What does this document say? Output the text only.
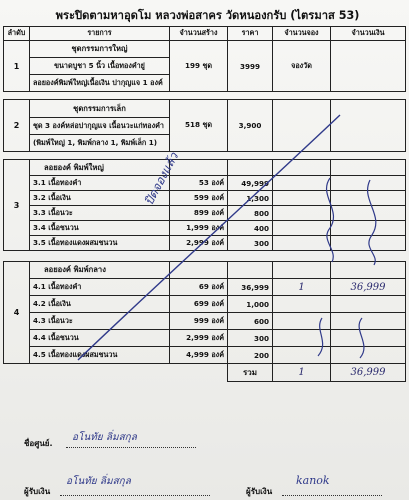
พระปิดตามหาอุดโม หลวงพ่อสาคร วัดหนองกรับ (ไตรมาส 53)
ลำดับ	รายการ	จำนวนสร้าง	ราคา	จำนวนจอง	จำนวนเงิน
1	ชุดกรรมการใหญ่	199 ชุด	3999	จองวัด	
	ขนาดบูชา 5 นิ้ว เนื้อทองคำยู่				
	ลอยองค์พิมพ์ใหญ่เนื้อเงิน ปากุญแจ 1 องค์				

2	ชุดกรรมการเล็ก	518 ชุด	3,900		
	ชุด 3 องค์หล่อปากุญแจ เนื้อนวะแก่ทองคำ				
	(พิมพ์ใหญ่ 1, พิมพ์กลาง 1, พิมพ์เล็ก 1)				

3	ลอยองค์ พิมพ์ใหญ่				
	3.1 เนื้อทองคำ	53 องค์	49,999		
	3.2 เนื้อเงิน	599 องค์	1,300		
	3.3 เนื้อนวะ	899 องค์	800		
	3.4 เนื้อชนวน	1,999 องค์	400		
	3.5 เนื้อทองแดงผสมชนวน	2,999 องค์	300		

4	ลอยองค์ พิมพ์กลาง				
	4.1 เนื้อทองคำ	69 องค์	36,999	1	36,999
	4.2 เนื้อเงิน	699 องค์	1,000		
	4.3 เนื้อนวะ	999 องค์	600		
	4.4 เนื้อชนวน	2,999 องค์	300		
	4.5 เนื้อทองแดงผสมชนวน	4,999 องค์	200		
			รวม	1	36,999
ปิดจองแล้ว
ชื่อศูนย์.
อโนทัย ลิ่มสกุล
ผู้รับเงิน
อโนทัย ลิ่มสกุล
ผู้รับเงิน
kanok
